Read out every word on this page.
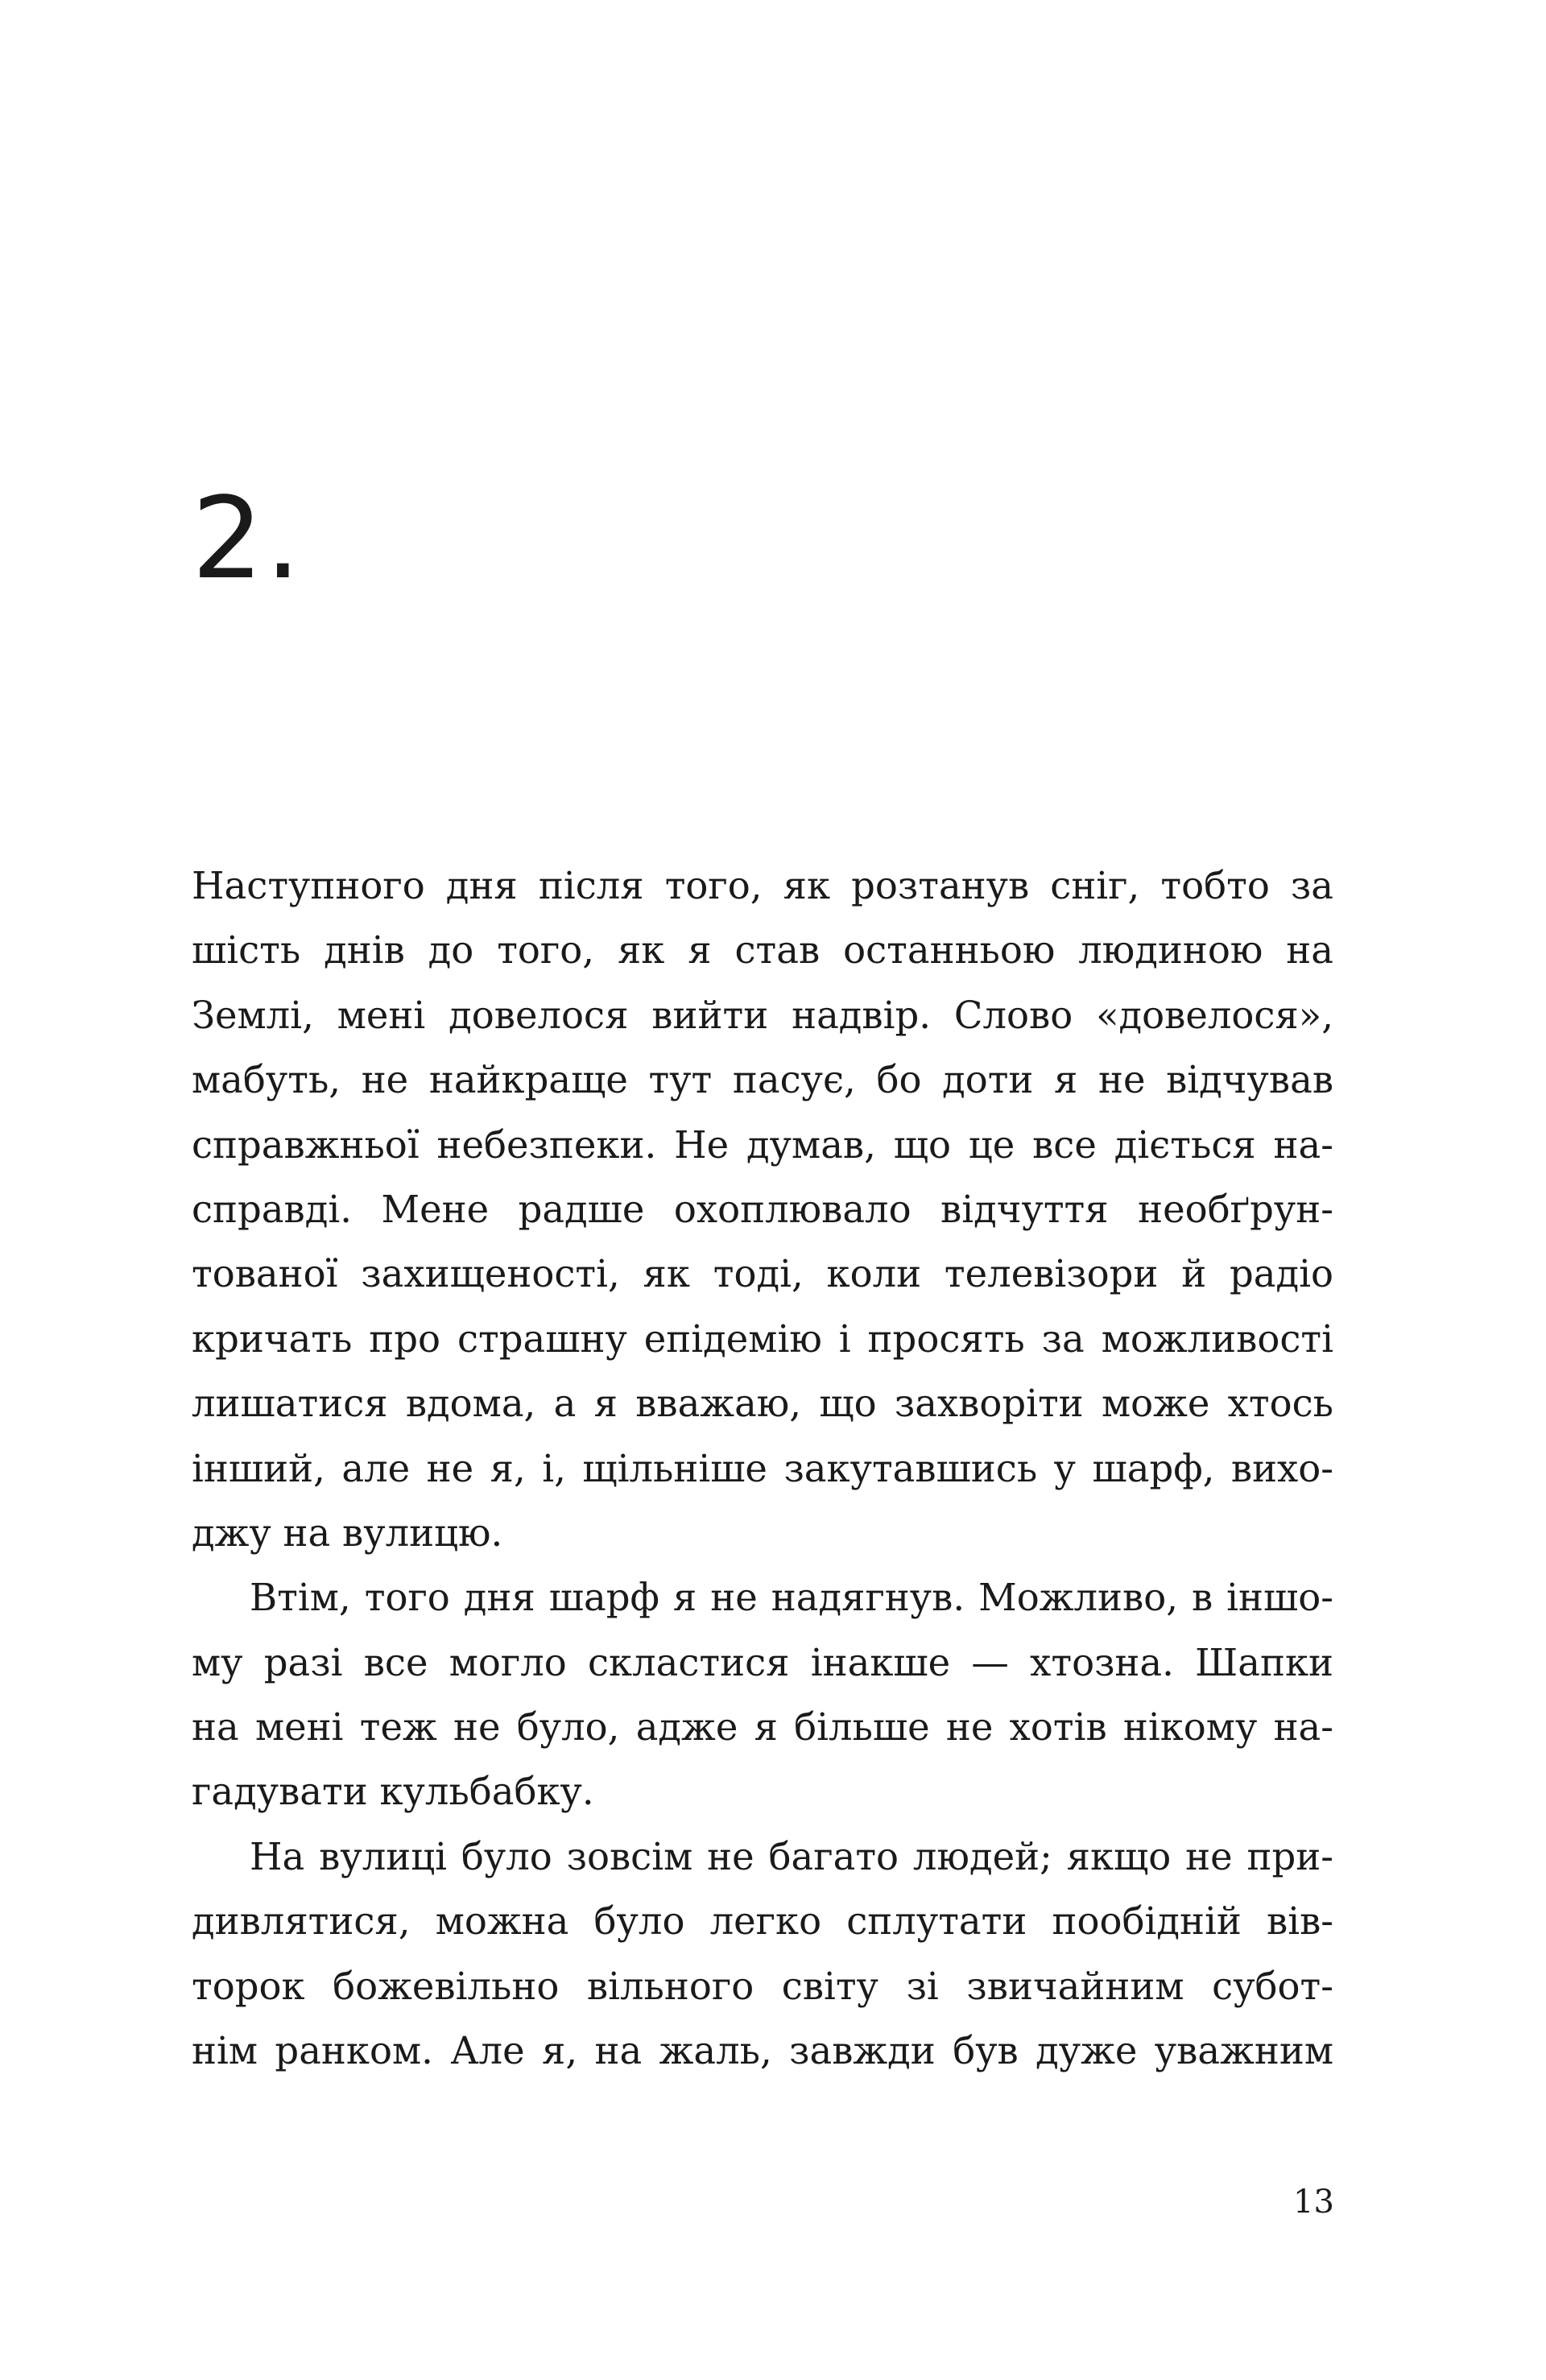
2.

Наступного дня після того, як розтанув сніг, тобто за
шість днів до того, як я став останньою людиною на
Землі, мені довелося вийти надвір. Слово «довелося»,
мабуть, не найкраще тут пасує, бо доти я не відчував
справжньої небезпеки. Не думав, що це все діється на-
справді. Мене радше охоплювало відчуття необґрун-
тованої захищеності, як тоді, коли телевізори й радіо
кричать про страшну епідемію і просять за можливості
лишатися вдома, а я вважаю, що захворіти може хтось
інший, але не я, і, щільніше закутавшись у шарф, вихо-
джу на вулицю.

Втім, того дня шарф я не надягнув. Можливо, в іншо-
му разі все могло скластися інакше — хтозна. Шапки
на мені теж не було, адже я більше не хотів нікому на-
гадувати кульбабку.

На вулиці було зовсім не багато людей; якщо не при-
дивлятися, можна було легко сплутати пообідній вів-
торок божевільно вільного світу зі звичайним субот-
нім ранком. Але я, на жаль, завжди був дуже уважним

13
